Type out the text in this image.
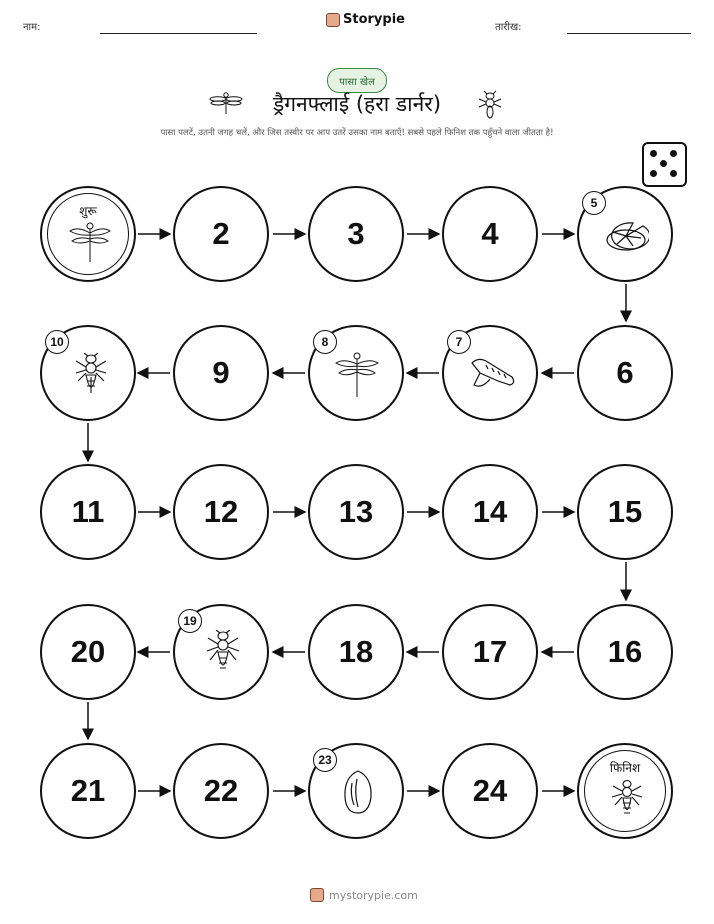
नाम:
Storypie
तारीख:
पासा खेल
ड्रैगनफ्लाई (हरा डार्नर)
पासा पलटें, उतनी जगह चलें, और जिस तस्वीर पर आप उतरें उसका नाम बताएँ! सबसे पहले फिनिश तक पहुँचने वाला जीतता है!
शुरू
2	3	4
5
10
9
8	7
6
11	12	13	14	15
20
19
18	17	16
21	22
23
24
फिनिश
mystorypie.com
